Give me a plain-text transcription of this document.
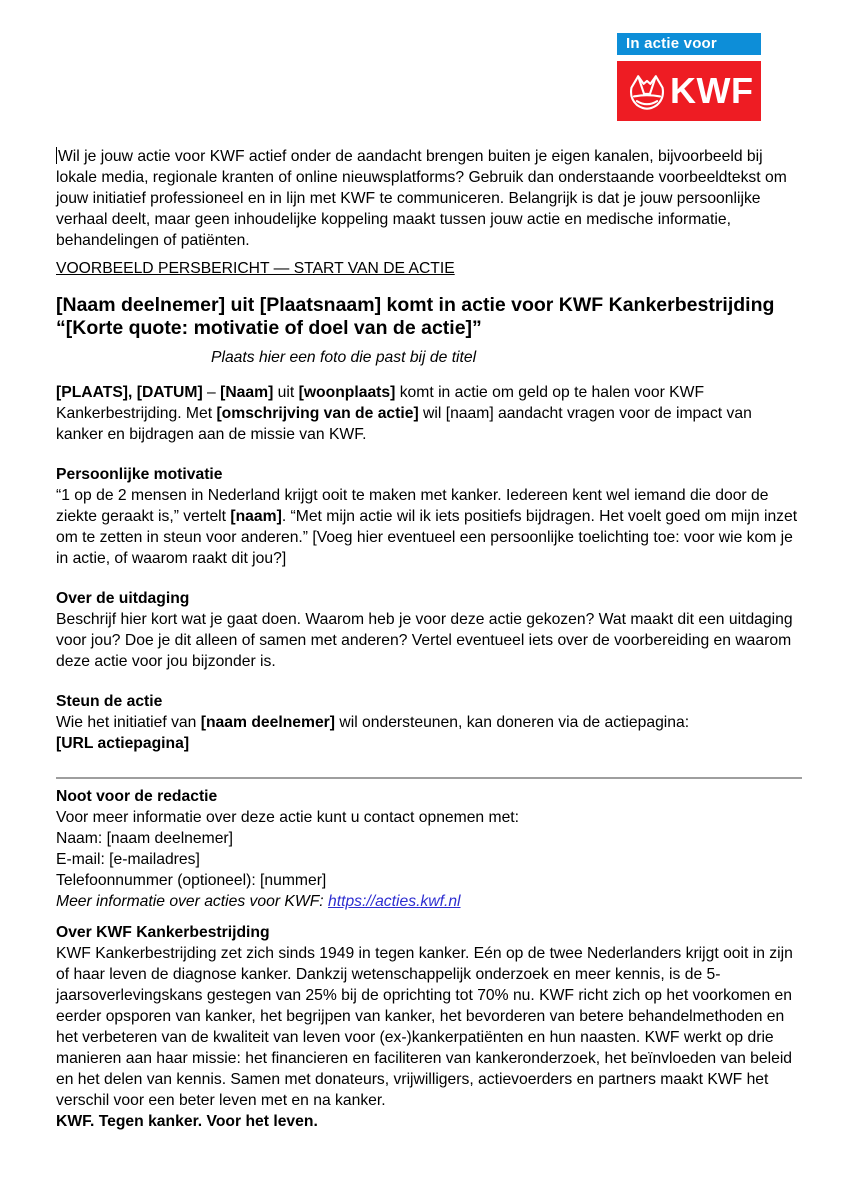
In actie voor
KWF

Wil je jouw actie voor KWF actief onder de aandacht brengen buiten je eigen kanalen, bijvoorbeeld bij lokale media, regionale kranten of online nieuwsplatforms? Gebruik dan onderstaande voorbeeldtekst om jouw initiatief professioneel en in lijn met KWF te communiceren. Belangrijk is dat je jouw persoonlijke verhaal deelt, maar geen inhoudelijke koppeling maakt tussen jouw actie en medische informatie, behandelingen of patiënten.

VOORBEELD PERSBERICHT — START VAN DE ACTIE

[Naam deelnemer] uit [Plaatsnaam] komt in actie voor KWF Kankerbestrijding
“[Korte quote: motivatie of doel van de actie]”

Plaats hier een foto die past bij de titel

[PLAATS], [DATUM] – [Naam] uit [woonplaats] komt in actie om geld op te halen voor KWF Kankerbestrijding. Met [omschrijving van de actie] wil [naam] aandacht vragen voor de impact van kanker en bijdragen aan de missie van KWF.

Persoonlijke motivatie

“1 op de 2 mensen in Nederland krijgt ooit te maken met kanker. Iedereen kent wel iemand die door de ziekte geraakt is,” vertelt [naam]. “Met mijn actie wil ik iets positiefs bijdragen. Het voelt goed om mijn inzet om te zetten in steun voor anderen.” [Voeg hier eventueel een persoonlijke toelichting toe: voor wie kom je in actie, of waarom raakt dit jou?]

Over de uitdaging

Beschrijf hier kort wat je gaat doen. Waarom heb je voor deze actie gekozen? Wat maakt dit een uitdaging voor jou? Doe je dit alleen of samen met anderen? Vertel eventueel iets over de voorbereiding en waarom deze actie voor jou bijzonder is.

Steun de actie

Wie het initiatief van [naam deelnemer] wil ondersteunen, kan doneren via de actiepagina:

[URL actiepagina]

Noot voor de redactie

Voor meer informatie over deze actie kunt u contact opnemen met:

Naam: [naam deelnemer]

E-mail: [e-mailadres]

Telefoonnummer (optioneel): [nummer]

Meer informatie over acties voor KWF: https://acties.kwf.nl

Over KWF Kankerbestrijding

KWF Kankerbestrijding zet zich sinds 1949 in tegen kanker. Eén op de twee Nederlanders krijgt ooit in zijn of haar leven de diagnose kanker. Dankzij wetenschappelijk onderzoek en meer kennis, is de 5-jaarsoverlevingskans gestegen van 25% bij de oprichting tot 70% nu. KWF richt zich op het voorkomen en eerder opsporen van kanker, het begrijpen van kanker, het bevorderen van betere behandelmethoden en het verbeteren van de kwaliteit van leven voor (ex-)kankerpatiënten en hun naasten. KWF werkt op drie manieren aan haar missie: het financieren en faciliteren van kankeronderzoek, het beïnvloeden van beleid en het delen van kennis. Samen met donateurs, vrijwilligers, actievoerders en partners maakt KWF het verschil voor een beter leven met en na kanker.

KWF. Tegen kanker. Voor het leven.
